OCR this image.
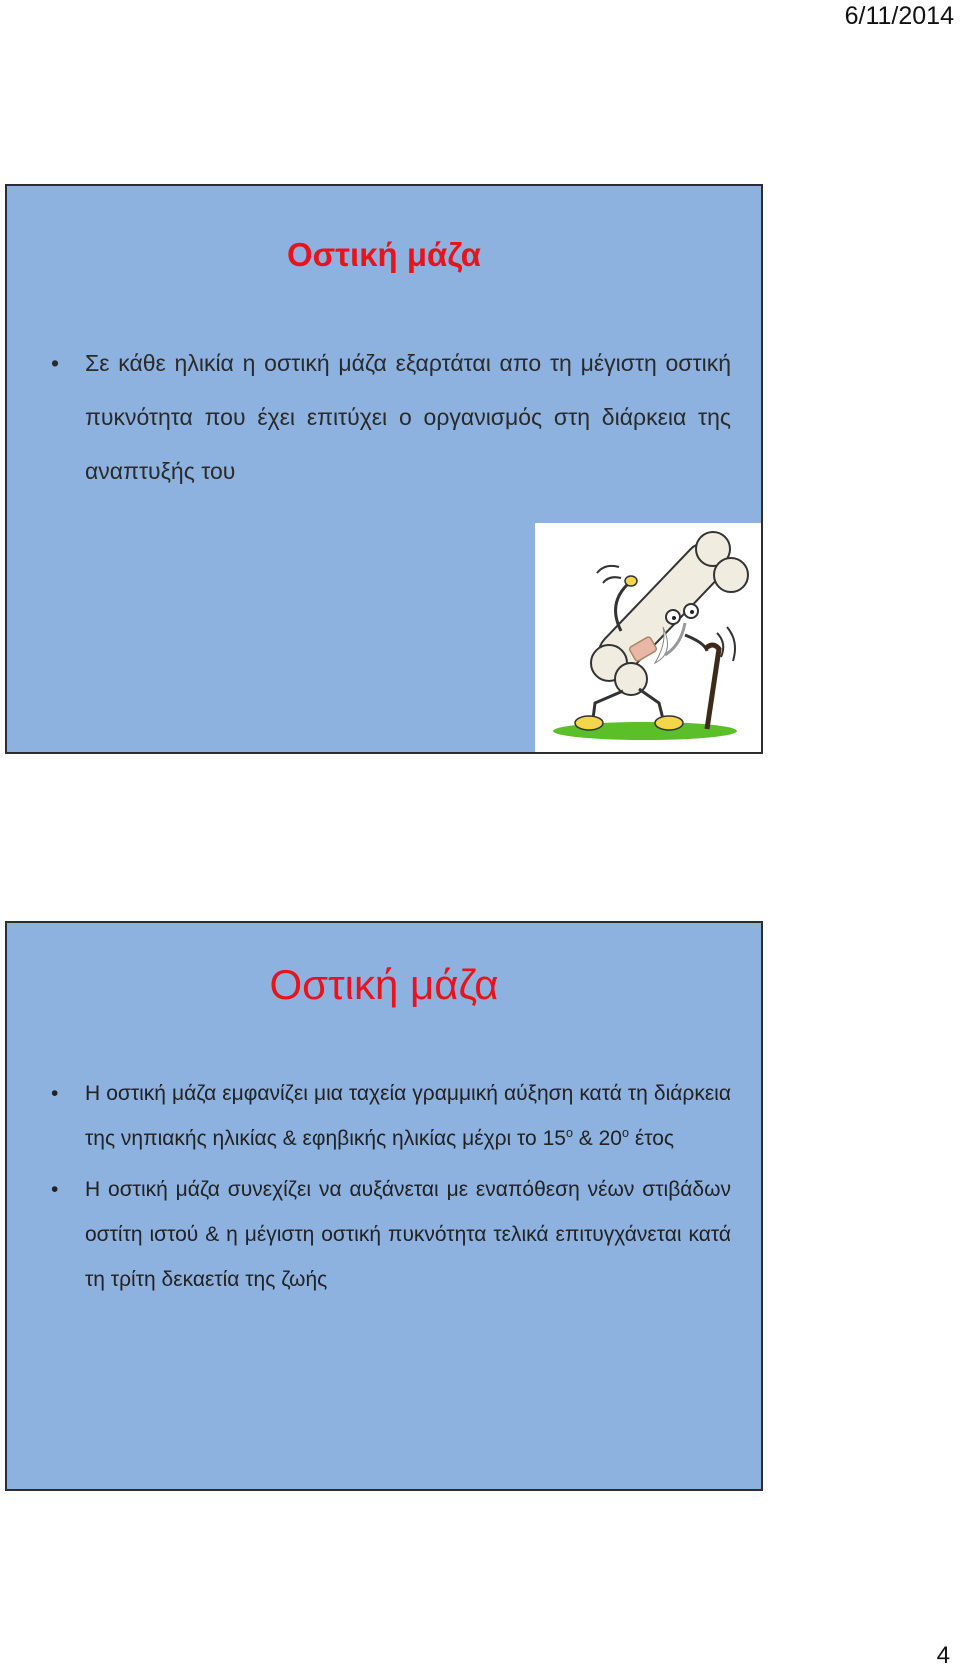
6/11/2014
Οστική μάζα
• Σε κάθε ηλικία η οστική μάζα εξαρτάται απο τη μέγιστη οστική πυκνότητα που έχει επιτύχει ο οργανισμός στη διάρκεια της αναπτυξής του
Οστική μάζα
• Η οστική μάζα εμφανίζει μια ταχεία γραμμική αύξηση κατά τη διάρκεια της νηπιακής ηλικίας & εφηβικής ηλικίας μέχρι το $15^o$ & $20^o$ έτος
• Η οστική μάζα συνεχίζει να αυξάνεται με εναπόθεση νέων στιβάδων οστίτη ιστού & η μέγιστη οστική πυκνότητα τελικά επιτυγχάνεται κατά τη τρίτη δεκαετία της ζωής
4
